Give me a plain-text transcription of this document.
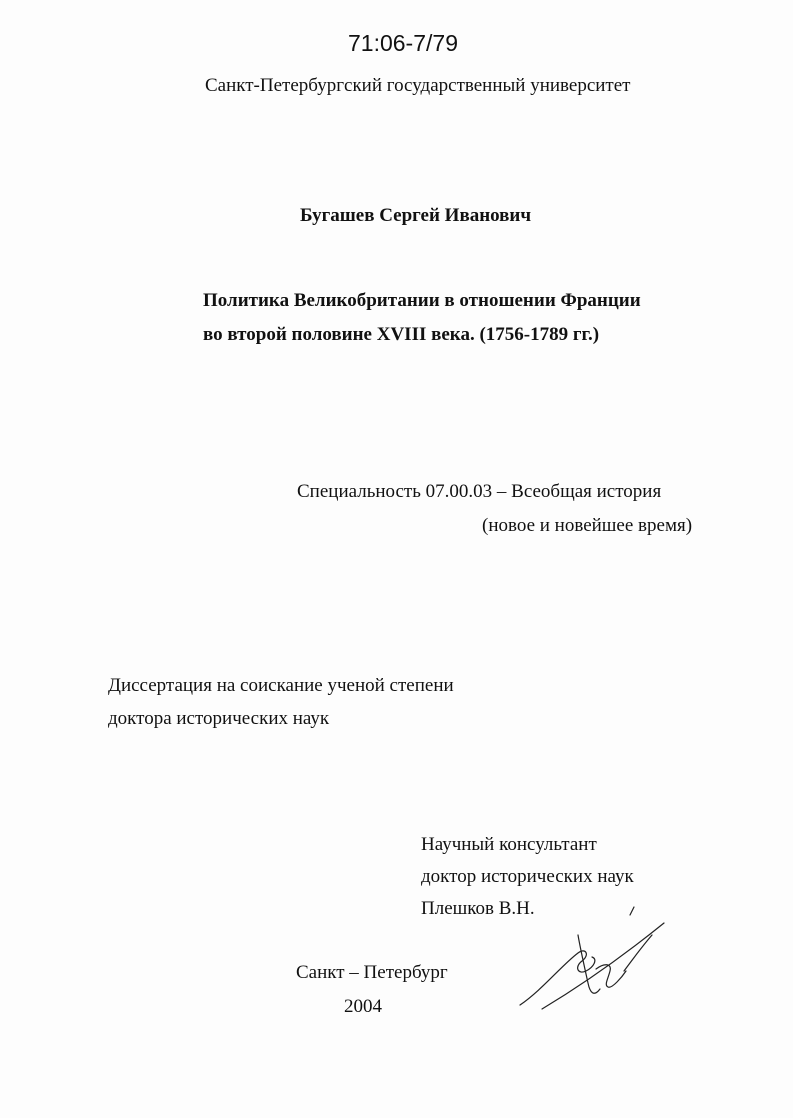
71:06-7/79
Санкт-Петербургский государственный университет
Бугашев Сергей Иванович
Политика Великобритании в отношении Франции
во второй половине XVIII века. (1756-1789 гг.)
Специальность 07.00.03 – Всеобщая история
(новое и новейшее время)
Диссертация на соискание ученой степени
доктора исторических наук
Научный консультант
доктор исторических наук
Плешков В.Н.
Санкт – Петербург
2004
